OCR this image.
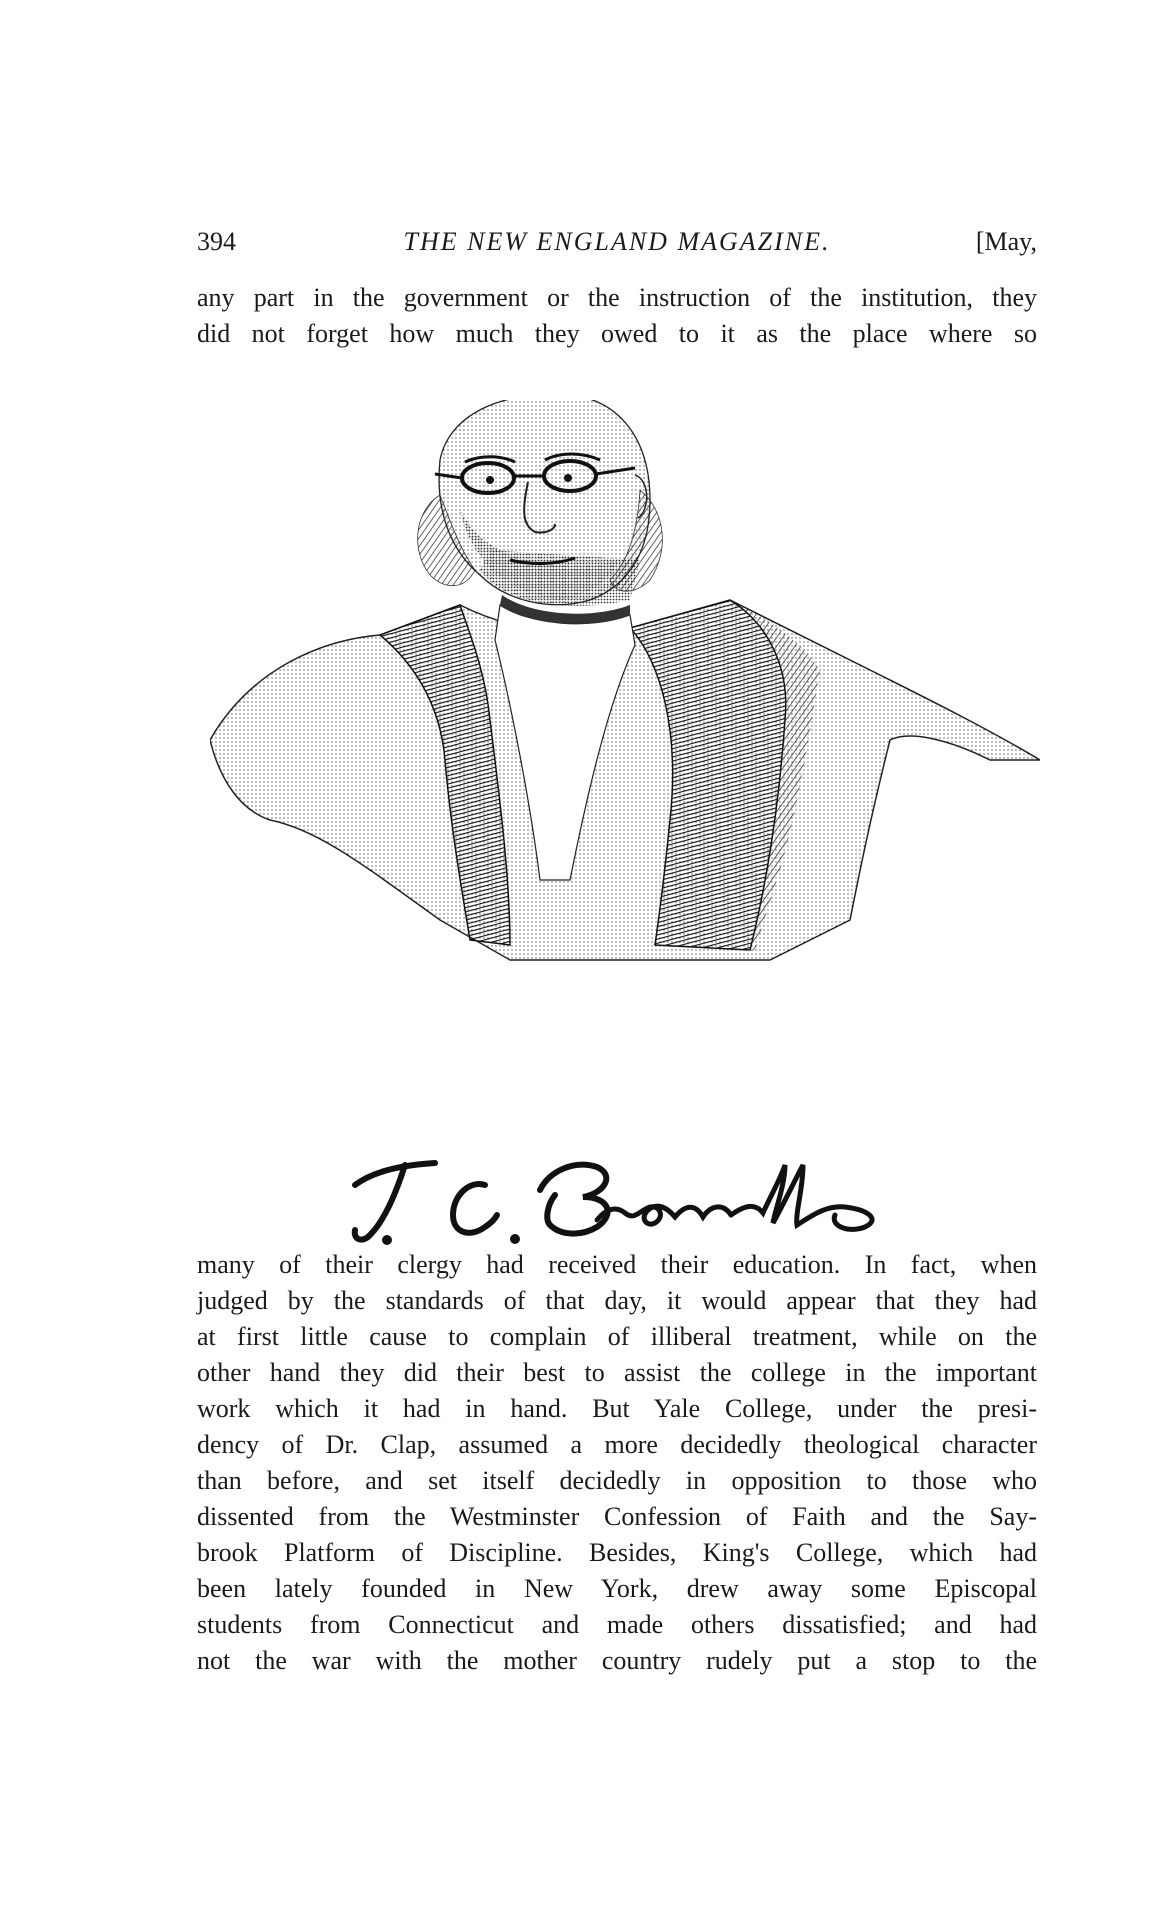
394	THE NEW ENGLAND MAGAZINE.	[May,

any part in the government or the instruction of the institution, they
did not forget how much they owed to it as the place where so

many of their clergy had received their education. In fact, when
judged by the standards of that day, it would appear that they had
at first little cause to complain of illiberal treatment, while on the
other hand they did their best to assist the college in the important
work which it had in hand. But Yale College, under the presi-
dency of Dr. Clap, assumed a more decidedly theological character
than before, and set itself decidedly in opposition to those who
dissented from the Westminster Confession of Faith and the Say-
brook Platform of Discipline. Besides, King's College, which had
been lately founded in New York, drew away some Episcopal
students from Connecticut and made others dissatisfied; and had
not the war with the mother country rudely put a stop to the
